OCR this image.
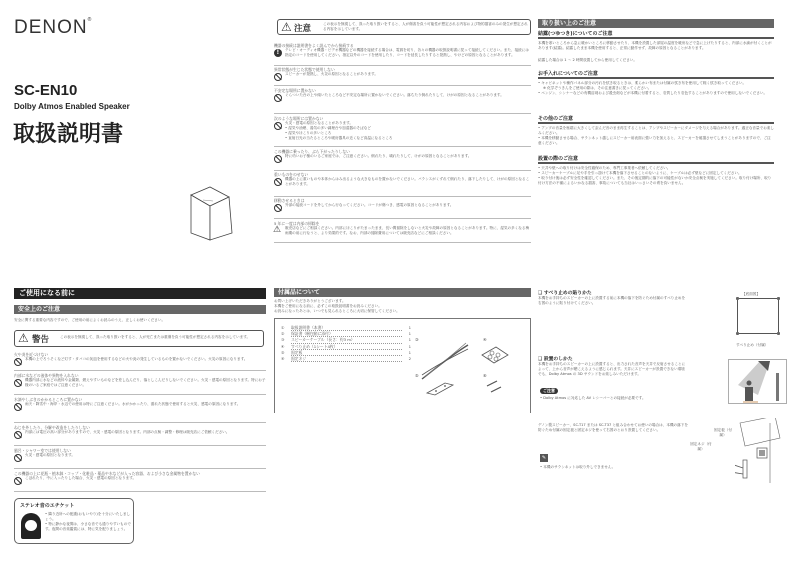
DENON®
SC-EN10
Dolby Atmos Enabled Speaker
取扱説明書
⚠ 注意	この表示を無視して、誤った取り扱いをすると、人が傷害を負う可能性が想定される内容および物的損害のみの発生が想定される内容を示しています。
機器の接続は説明書をよく読んでから接続する
!
テレビ・オーディオ機器・ビデオ機器などの機器を接続する場合は、電源を切り、各々の機器の取扱説明書に従って接続してください。また、接続には指定のコードを使用してください。指定以外のコードを使用したり、コードを延長したりすると発熱し、やけどの原因となることがあります。
異常状態が生じた状態で使用しない
スピーカーが発熱し、火災の原因となることがあります。
不安定な場所に置かない
ぐらついた台の上や傾いたところなど不安定な場所に置かないでください。落ちたり倒れたりして、けがの原因となることがあります。
次のような場所には置かない
火災・感電の原因となることがあります。
• 湿気や油煙、湯気の多い調理台や加湿器のそばなど
• 湿気やほこりの多いところ
• 直射日光の当たるところや暖房器具の近くなど高温になるところ
この機器に乗ったり、ぶら下がったりしない
特に幼いお子様のいるご家庭では、ご注意ください。倒れたり、壊れたりして、けがの原因となることがあります。
重いものをのせない
機器の上に重いものや本体からはみ出るような大きなものを置かないでください。バランスがくずれて倒れたり、落下したりして、けがの原因となることがあります。
移動させるときは
外部の接続コードを外してから行なってください。コードが傷つき、感電の原因となることがあります。
5 年に一度は内部の掃除を
⚠
販売店などにご相談ください。内部にほこりがたまったまま、長い間掃除をしないと火災や故障の原因となることがあります。特に、湿気の多くなる梅雨期の前に行なうと、より効果的です。なお、内部の掃除費用については販売店などにご相談ください。
取り扱い上のご注意
結露(つゆつき)についてのご注意
本機を寒いところから急に暖かいところに移動させたり、本機を設置した部屋の温度を暖房などで急に上げたりすると、内部に水滴が付くことがあります(結露)。結露したまま本機を使用すると、正常に動作せず、故障の原因となることがあります。
結露した場合は 1 〜 2 時間放置してから使用してください。
お手入れについてのご注意
• キャビネットや操作パネル部分の汚れを拭き取るときは、柔らかい布または付属の拭き布を使用して軽く拭き取ってください。
※ 化学ぞうきんをご使用の際は、その注意書きに従ってください。
• ベンジン、シンナーなどの有機溶剤および殺虫剤などが本機に付着すると、変質したり変色することがありますので使用しないでください。
その他のご注意
• アンプの音量を極端に大きくして歪んだ音のまま再生することは、アンプやスピーカーにダメージを与える場合があります。適正な音量でお楽しみください。
• 本機を移動させる場合、サランネット越しにスピーカー前表面に強い力を加えると、スピーカーを破損させてしまうことがありますので、ご注意ください。
設置の際のご注意
• 天井や壁への取り付けは安全性確保のため、専門工事業者へ依頼してください。
• スピーカーケーブルに足や手を引っ掛けて本機を落下させることのないように、ケーブルは必ず壁などに固定してください。
• 取り付け後は必ず安全性を確認してください。また、その後定期的に落下の可能性がないか安全点検を実施してください。取り付け場所、取り付け方法の不備によるいかなる損害、事故についても当社はいっさいその責を負いません。
ご使用になる前に
安全上のご注意
安全に関する重要な内容ですので、ご使用の前によくお読みのうえ、正しくお使いください。
⚠ 警告	この表示を無視して、誤った取り扱いをすると、人が死亡または重傷を負う可能性が想定される内容を示しています。
火や炎を近づけない
本機の上でろうそくなど灯す・タバコの灰皿を使用するなどの火や炎の発生しているものを置かないでください。火災の原因になります。
内部に水などの液体や異物を入れない
機器内部に水などの液体や金属類、燃えやすいものなどを差し込んだり、落としこんだりしないでください。火災・感電の原因となります。特にお子様のいるご家庭ではご注意ください。
水滴やしぶきのかかるところに置かない
雨天・降雪中・海岸・水辺での使用は特にご注意ください。水がかかったり、濡れた状態で使用すると火災、感電の原因になります。
ねじを外したり、分解や改造をしたりしない
内部には電圧の高い部分がありますので、火災・感電の原因となります。内部の点検・調整・修理は販売店にご依頼ください。
風呂・シャワー室では使用しない
火災・感電の原因となります。
この機器の上に花瓶・植木鉢・コップ・化粧品・薬品や水などが入った容器、および小さな金属物を置かない
こぼれたり、中に入ったりした場合、火災・感電の原因となります。
ステレオ音のエチケット
• 隣り近所への配慮(おもいやり)を十分にいたしましょう。
• 特に静かな夜間は、小さな音でも通りやすいものです。夜間の音楽鑑賞には、特に気を配りましょう。
付属品について
お買い上げいただきありがとうございます。
本機をご使用になる前に、必ずこの取扱説明書をお読みください。
お読みになったあとは、いつでも見られるところに大切に保管してください。
①	取扱説明書（本書）	1
②	保証書（梱包箱に添付）	1
③	スピーカーケーブル（長さ：約3 m）	1
④	すべり止め（1シート4枚）	1
⑤	固定板	1
⑥	固定ネジ	2
③	④
⑤	⑥
❑ すべり止めの貼りかた
本機をお手持ちのスピーカーの上に設置する前に本機の落下を防ぐため付属のすべり止めを右図のように貼り付けてください。
【底面図】
すべり止め（付属）
❑ 設置のしかた
本機をお手持ちのスピーカーの上に設置すると、出力された音声を天井で反射させることによって、上から音声が聴こえるように感じられます。天井にスピーカーが設置できない環境でも、Dolby Atmos の 3D サウンドをお楽しみいただけます。
ご注意
• Dolby Atmos に対応した AV レシーバーとの接続が必要です。
デノン製スピーカー、SC-T17 または SC-T37 と組み合わせてお使いの場合は、本機の落下を防ぐため付属の固定板と固定ネジを使って右図のとおり設置してください。	固定板（付属）
固定ネジ（付属）
✎
• 本機のサランネットは取り外しできません。
